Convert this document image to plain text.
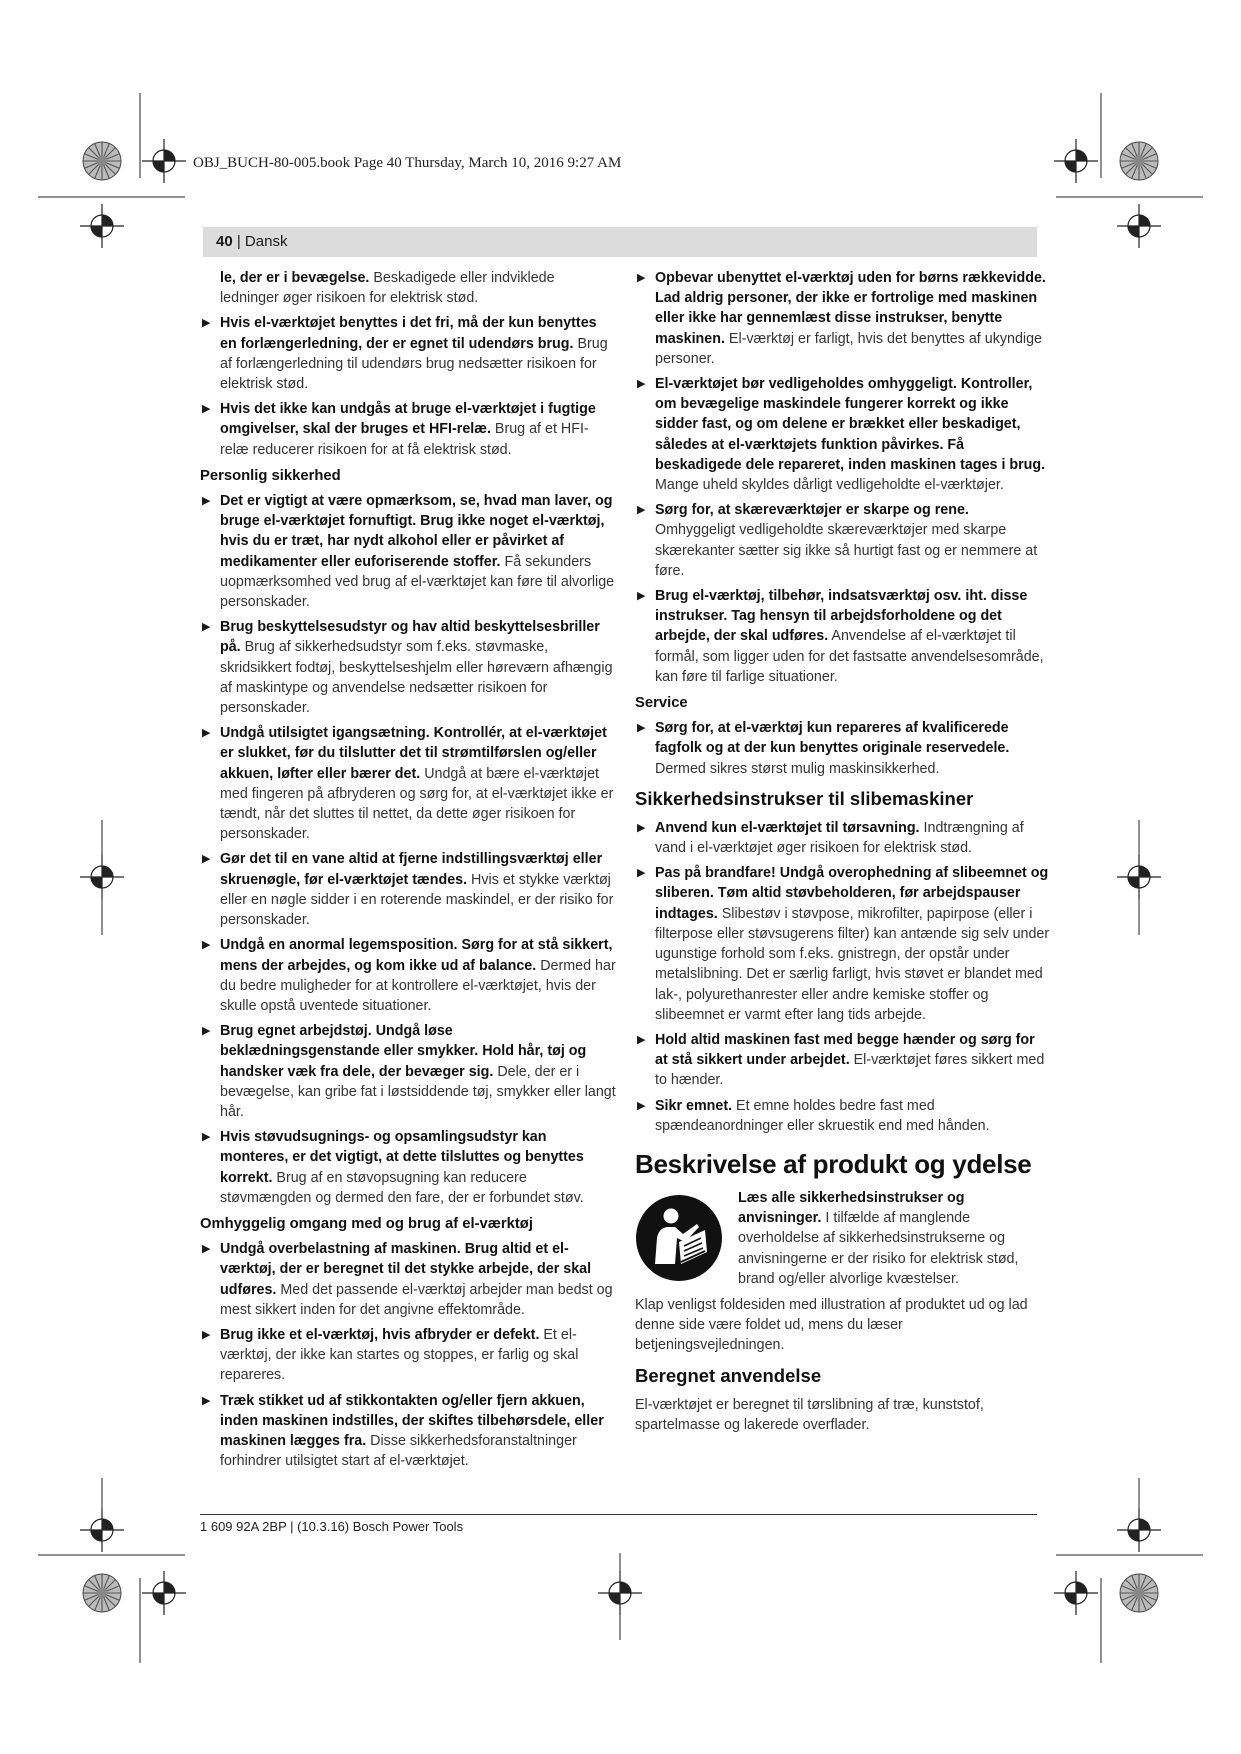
OBJ_BUCH-80-005.book Page 40 Thursday, March 10, 2016 9:27 AM
40 | Dansk
le, der er i bevægelse. Beskadigede eller indviklede ledninger øger risikoen for elektrisk stød.
▶ Hvis el-værktøjet benyttes i det fri, må der kun benyttes en forlængerledning, der er egnet til udendørs brug. Brug af forlængerledning til udendørs brug nedsætter risikoen for elektrisk stød.
▶ Hvis det ikke kan undgås at bruge el-værktøjet i fugtige omgivelser, skal der bruges et HFI-relæ. Brug af et HFI-relæ reducerer risikoen for at få elektrisk stød.
Personlig sikkerhed
▶ Det er vigtigt at være opmærksom, se, hvad man laver, og bruge el-værktøjet fornuftigt. Brug ikke noget el-værktøj, hvis du er træt, har nydt alkohol eller er påvirket af medikamenter eller euforiserende stoffer. Få sekunders uopmærksomhed ved brug af el-værktøjet kan føre til alvorlige personskader.
▶ Brug beskyttelsesudstyr og hav altid beskyttelsesbriller på. Brug af sikkerhedsudstyr som f.eks. støvmaske, skridsikkert fodtøj, beskyttelseshjelm eller høreværn afhængig af maskintype og anvendelse nedsætter risikoen for personskader.
▶ Undgå utilsigtet igangsætning. Kontrollér, at el-værktøjet er slukket, før du tilslutter det til strømtilførslen og/eller akkuen, løfter eller bærer det. Undgå at bære el-værktøjet med fingeren på afbryderen og sørg for, at el-værktøjet ikke er tændt, når det sluttes til nettet, da dette øger risikoen for personskader.
▶ Gør det til en vane altid at fjerne indstillingsværktøj eller skruenøgle, før el-værktøjet tændes. Hvis et stykke værktøj eller en nøgle sidder i en roterende maskindel, er der risiko for personskader.
▶ Undgå en anormal legemsposition. Sørg for at stå sikkert, mens der arbejdes, og kom ikke ud af balance. Dermed har du bedre muligheder for at kontrollere el-værktøjet, hvis der skulle opstå uventede situationer.
▶ Brug egnet arbejdstøj. Undgå løse beklædningsgenstande eller smykker. Hold hår, tøj og handsker væk fra dele, der bevæger sig. Dele, der er i bevægelse, kan gribe fat i løstsiddende tøj, smykker eller langt hår.
▶ Hvis støvudsugnings- og opsamlingsudstyr kan monteres, er det vigtigt, at dette tilsluttes og benyttes korrekt. Brug af en støvopsugning kan reducere støvmængden og dermed den fare, der er forbundet støv.
Omhyggelig omgang med og brug af el-værktøj
▶ Undgå overbelastning af maskinen. Brug altid et el-værktøj, der er beregnet til det stykke arbejde, der skal udføres. Med det passende el-værktøj arbejder man bedst og mest sikkert inden for det angivne effektområde.
▶ Brug ikke et el-værktøj, hvis afbryder er defekt. Et el-værktøj, der ikke kan startes og stoppes, er farlig og skal repareres.
▶ Træk stikket ud af stikkontakten og/eller fjern akkuen, inden maskinen indstilles, der skiftes tilbehørsdele, eller maskinen lægges fra. Disse sikkerhedsforanstaltninger forhindrer utilsigtet start af el-værktøjet.
▶ Opbevar ubenyttet el-værktøj uden for børns rækkevidde. Lad aldrig personer, der ikke er fortrolige med maskinen eller ikke har gennemlæst disse instrukser, benytte maskinen. El-værktøj er farligt, hvis det benyttes af ukyndige personer.
▶ El-værktøjet bør vedligeholdes omhyggeligt. Kontroller, om bevægelige maskindele fungerer korrekt og ikke sidder fast, og om delene er brækket eller beskadiget, således at el-værktøjets funktion påvirkes. Få beskadigede dele repareret, inden maskinen tages i brug. Mange uheld skyldes dårligt vedligeholdte el-værktøjer.
▶ Sørg for, at skæreværktøjer er skarpe og rene. Omhyggeligt vedligeholdte skæreværktøjer med skarpe skærekanter sætter sig ikke så hurtigt fast og er nemmere at føre.
▶ Brug el-værktøj, tilbehør, indsatsværktøj osv. iht. disse instrukser. Tag hensyn til arbejdsforholdene og det arbejde, der skal udføres. Anvendelse af el-værktøjet til formål, som ligger uden for det fastsatte anvendelsesområde, kan føre til farlige situationer.
Service
▶ Sørg for, at el-værktøj kun repareres af kvalificerede fagfolk og at der kun benyttes originale reservedele. Dermed sikres størst mulig maskinsikkerhed.
Sikkerhedsinstrukser til slibemaskiner
▶ Anvend kun el-værktøjet til tørsavning. Indtrængning af vand i el-værktøjet øger risikoen for elektrisk stød.
▶ Pas på brandfare! Undgå overophedning af slibeemnet og sliberen. Tøm altid støvbeholderen, før arbejdspauser indtages. Slibestøv i støvpose, mikrofilter, papirpose (eller i filterpose eller støvsugerens filter) kan antænde sig selv under ugunstige forhold som f.eks. gnistregn, der opstår under metalslibning. Det er særlig farligt, hvis støvet er blandet med lak-, polyurethanrester eller andre kemiske stoffer og slibeemnet er varmt efter lang tids arbejde.
▶ Hold altid maskinen fast med begge hænder og sørg for at stå sikkert under arbejdet. El-værktøjet føres sikkert med to hænder.
▶ Sikr emnet. Et emne holdes bedre fast med spændeanordninger eller skruestik end med hånden.
Beskrivelse af produkt og ydelse
Læs alle sikkerhedsinstrukser og anvisninger. I tilfælde af manglende overholdelse af sikkerhedsinstrukserne og anvisningerne er der risiko for elektrisk stød, brand og/eller alvorlige kvæstelser.
Klap venligst foldesiden med illustration af produktet ud og lad denne side være foldet ud, mens du læser betjeningsvejledningen.
Beregnet anvendelse
El-værktøjet er beregnet til tørslibning af træ, kunststof, spartelmasse og lakerede overflader.
1 609 92A 2BP | (10.3.16) Bosch Power Tools
